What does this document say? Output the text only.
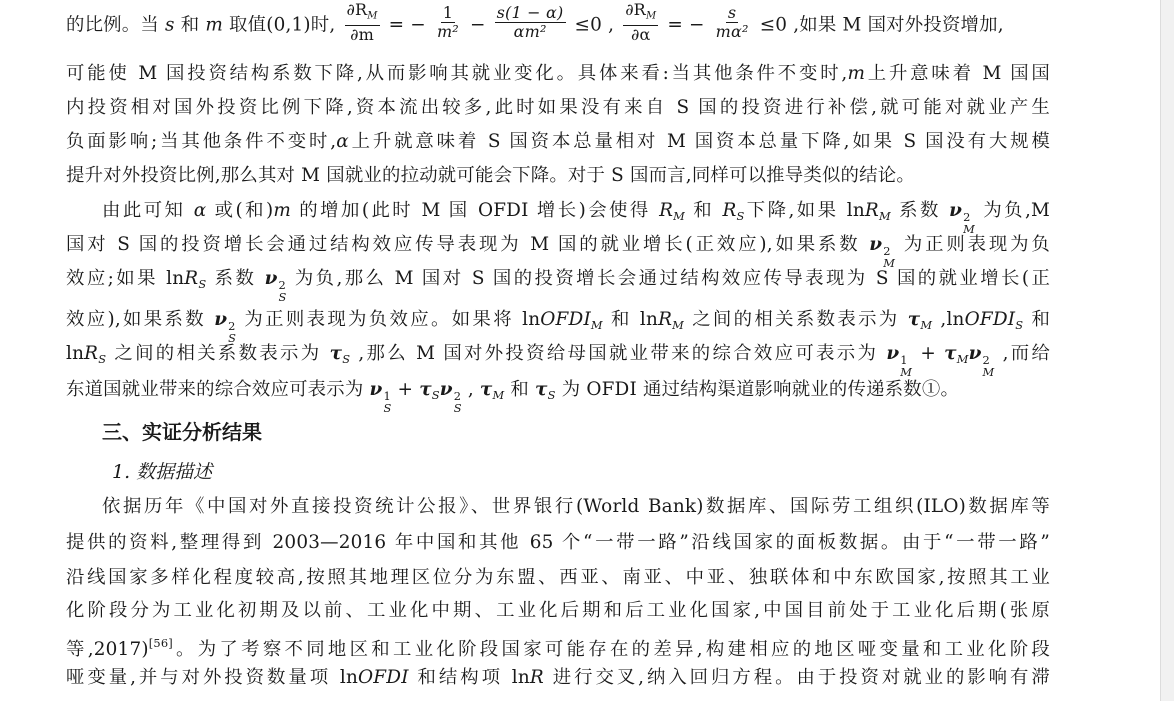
的比例。当 s 和 m 取值(0,1)时, $\frac{\partial R_M}{\partial m}$ = − $\frac{1}{\text{m²}} - \frac{s(1 - \alpha)}{\text{αm²}} \le 0$ , $\frac{\partial R_M}{\partial\alpha}$ = − $\frac{s}{\text{mα²}} \le 0$ ,如果 M 国对外投资增加,
可能使 M 国投资结构系数下降,从而影响其就业变化。具体来看:当其他条件不变时,m上升意味着 M 国国
内投资相对国外投资比例下降,资本流出较多,此时如果没有来自 S 国的投资进行补偿,就可能对就业产生
负面影响;当其他条件不变时,α上升就意味着 S 国资本总量相对 M 国资本总量下降,如果 S 国没有大规模
提升对外投资比例,那么其对 M 国就业的拉动就可能会下降。对于 S 国而言,同样可以推导类似的结论。
由此可知 α 或(和)m 的增加(此时 M 国 OFDI 增长)会使得 $R_M$ 和 $R_S$下降,如果 lnR$_M$ 系数 ν 2
M
为负,M
国对 S 国的投资增长会通过结构效应传导表现为 M 国的就业增长(正效应),如果系数 ν 2
M
为正则表现为负
效应;如果 lnR$_S$ 系数 ν 2
S
为负,那么 M 国对 S 国的投资增长会通过结构效应传导表现为 S 国的就业增长(正
效应),如果系数 ν 2
S
为正则表现为负效应。如果将 lnOFDI$_M$ 和 lnR$_M$ 之间的相关系数表示为 $\tau_M$ ,lnOFDI$_S$ 和
lnR$_S$ 之间的相关系数表示为 $\tau_S$ ,那么 M 国对外投资给母国就业带来的综合效应可表示为 ν 1
M
+ $\tau_M\nu$ 2
M
,而给
东道国就业带来的综合效应可表示为 ν 1
S
+ $\tau_S\nu$ 2
S
, $\tau_M$ 和 $\tau_S$ 为 OFDI 通过结构渠道影响就业的传递系数①。
三、实证分析结果
1. 数据描述
依据历年《中国对外直接投资统计公报》、世界银行(World Bank)数据库、国际劳工组织(ILO)数据库等
提供的资料,整理得到 2003—2016 年中国和其他 65 个“一带一路”沿线国家的面板数据。由于“一带一路”
沿线国家多样化程度较高,按照其地理区位分为东盟、西亚、南亚、中亚、独联体和中东欧国家,按照其工业
化阶段分为工业化初期及以前、工业化中期、工业化后期和后工业化国家,中国目前处于工业化后期(张原
等,2017)[56]。为了考察不同地区和工业化阶段国家可能存在的差异,构建相应的地区哑变量和工业化阶段
哑变量,并与对外投资数量项 lnOFDI 和结构项 lnR 进行交叉,纳入回归方程。由于投资对就业的影响有滞
